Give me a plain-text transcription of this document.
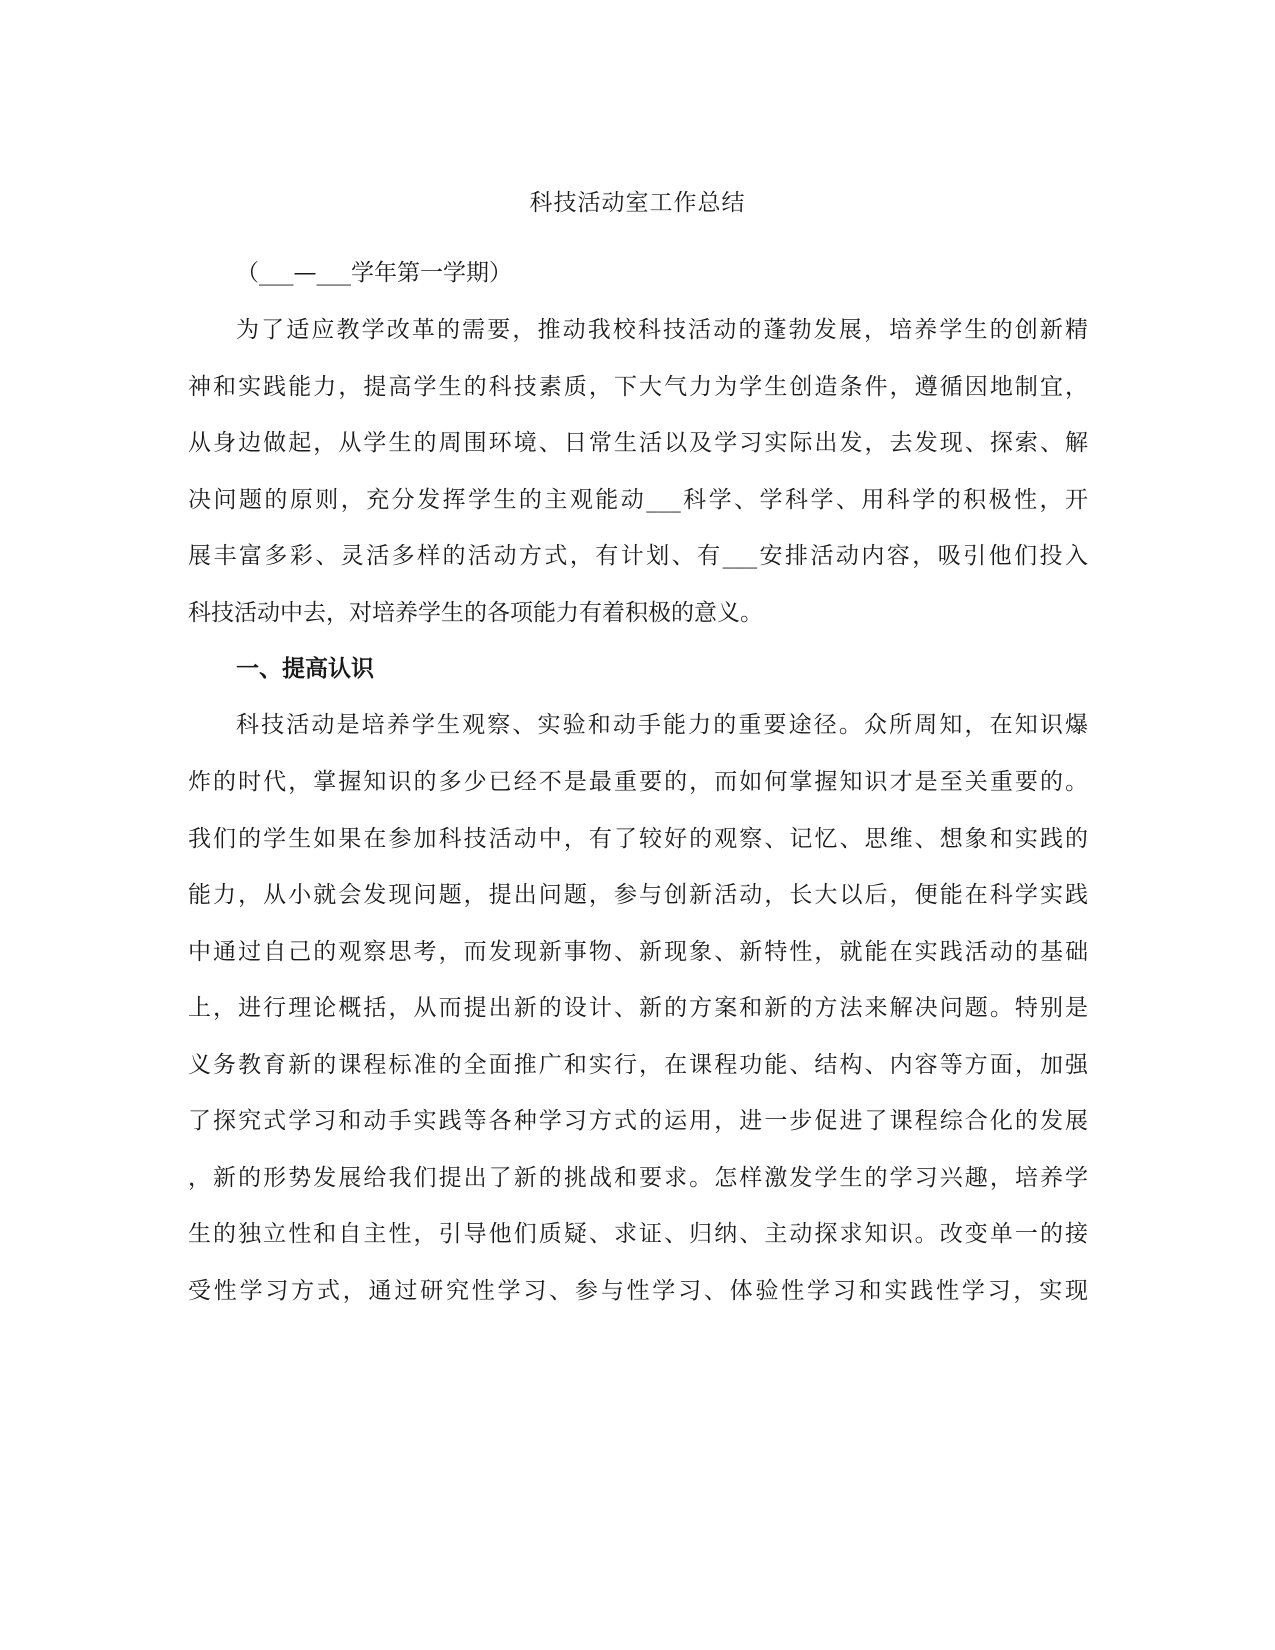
科技活动室工作总结
（___—___学年第一学期）
为了适应教学改革的需要，推动我校科技活动的蓬勃发展，培养学生的创新精
神和实践能力，提高学生的科技素质，下大气力为学生创造条件，遵循因地制宜，
从身边做起，从学生的周围环境、日常生活以及学习实际出发，去发现、探索、解
决问题的原则，充分发挥学生的主观能动___科学、学科学、用科学的积极性，开
展丰富多彩、灵活多样的活动方式，有计划、有___安排活动内容，吸引他们投入
科技活动中去，对培养学生的各项能力有着积极的意义。
一、提高认识
科技活动是培养学生观察、实验和动手能力的重要途径。众所周知，在知识爆
炸的时代，掌握知识的多少已经不是最重要的，而如何掌握知识才是至关重要的。
我们的学生如果在参加科技活动中，有了较好的观察、记忆、思维、想象和实践的
能力，从小就会发现问题，提出问题，参与创新活动，长大以后，便能在科学实践
中通过自己的观察思考，而发现新事物、新现象、新特性，就能在实践活动的基础
上，进行理论概括，从而提出新的设计、新的方案和新的方法来解决问题。特别是
义务教育新的课程标准的全面推广和实行，在课程功能、结构、内容等方面，加强
了探究式学习和动手实践等各种学习方式的运用，进一步促进了课程综合化的发展
，新的形势发展给我们提出了新的挑战和要求。怎样激发学生的学习兴趣，培养学
生的独立性和自主性，引导他们质疑、求证、归纳、主动探求知识。改变单一的接
受性学习方式，通过研究性学习、参与性学习、体验性学习和实践性学习，实现
